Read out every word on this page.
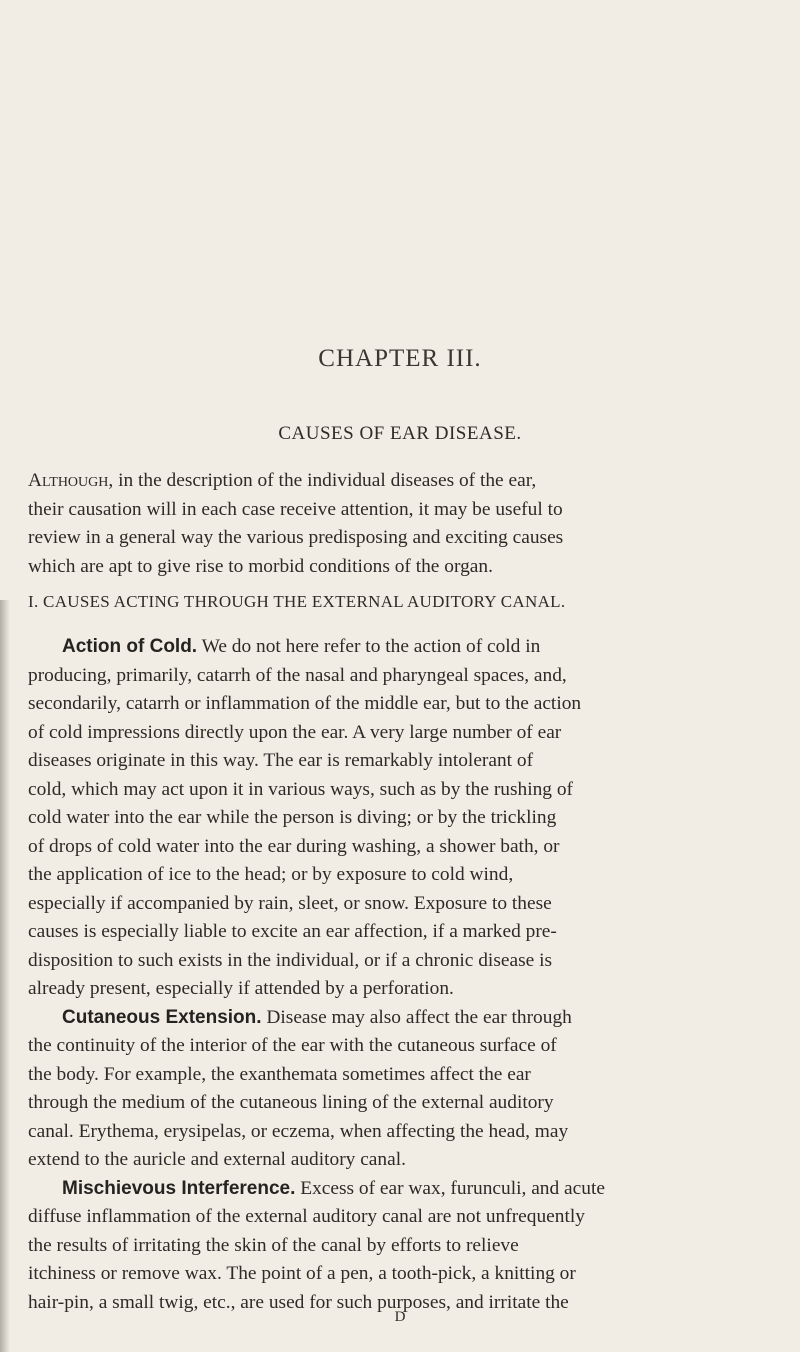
CHAPTER III.
CAUSES OF EAR DISEASE.
Although, in the description of the individual diseases of the ear,
their causation will in each case receive attention, it may be useful to
review in a general way the various predisposing and exciting causes
which are apt to give rise to morbid conditions of the organ.
I. CAUSES ACTING THROUGH THE EXTERNAL AUDITORY CANAL.
Action of Cold. We do not here refer to the action of cold in
producing, primarily, catarrh of the nasal and pharyngeal spaces, and,
secondarily, catarrh or inflammation of the middle ear, but to the action
of cold impressions directly upon the ear. A very large number of ear
diseases originate in this way. The ear is remarkably intolerant of
cold, which may act upon it in various ways, such as by the rushing of
cold water into the ear while the person is diving; or by the trickling
of drops of cold water into the ear during washing, a shower bath, or
the application of ice to the head; or by exposure to cold wind,
especially if accompanied by rain, sleet, or snow. Exposure to these
causes is especially liable to excite an ear affection, if a marked pre-
disposition to such exists in the individual, or if a chronic disease is
already present, especially if attended by a perforation.
Cutaneous Extension. Disease may also affect the ear through
the continuity of the interior of the ear with the cutaneous surface of
the body. For example, the exanthemata sometimes affect the ear
through the medium of the cutaneous lining of the external auditory
canal. Erythema, erysipelas, or eczema, when affecting the head, may
extend to the auricle and external auditory canal.
Mischievous Interference. Excess of ear wax, furunculi, and acute
diffuse inflammation of the external auditory canal are not unfrequently
the results of irritating the skin of the canal by efforts to relieve
itchiness or remove wax. The point of a pen, a tooth-pick, a knitting or
hair-pin, a small twig, etc., are used for such purposes, and irritate the
D
